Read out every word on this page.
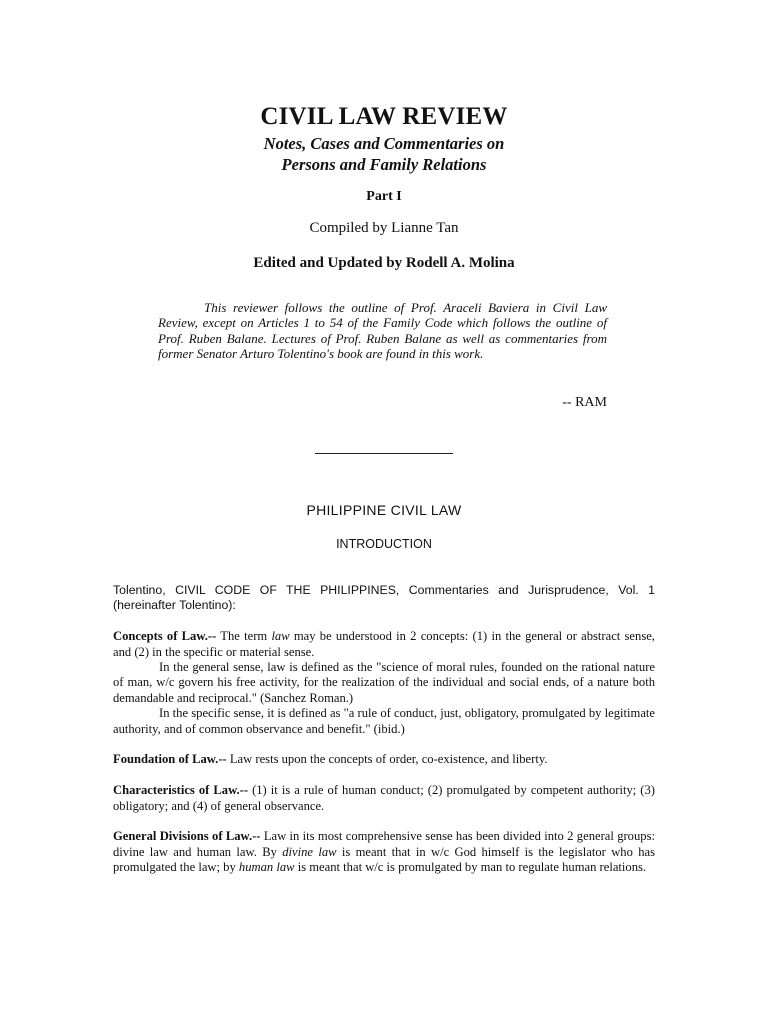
CIVIL LAW REVIEW
Notes, Cases and Commentaries on
Persons and Family Relations
Part I
Compiled by Lianne Tan
Edited and Updated by Rodell A. Molina
This reviewer follows the outline of Prof. Araceli Baviera in Civil Law Review, except on Articles 1 to 54 of the Family Code which follows the outline of Prof. Ruben Balane. Lectures of Prof. Ruben Balane as well as commentaries from former Senator Arturo Tolentino's book are found in this work.
-- RAM
PHILIPPINE CIVIL LAW
INTRODUCTION

Tolentino, CIVIL CODE OF THE PHILIPPINES, Commentaries and Jurisprudence, Vol. 1 (hereinafter Tolentino):

Concepts of Law.-- The term law may be understood in 2 concepts: (1) in the general or abstract sense, and (2) in the specific or material sense.

In the general sense, law is defined as the "science of moral rules, founded on the rational nature of man, w/c govern his free activity, for the realization of the individual and social ends, of a nature both demandable and reciprocal." (Sanchez Roman.)

In the specific sense, it is defined as "a rule of conduct, just, obligatory, promulgated by legitimate authority, and of common observance and benefit." (ibid.)

Foundation of Law.-- Law rests upon the concepts of order, co-existence, and liberty.

Characteristics of Law.-- (1) it is a rule of human conduct; (2) promulgated by competent authority; (3) obligatory; and (4) of general observance.

General Divisions of Law.-- Law in its most comprehensive sense has been divided into 2 general groups: divine law and human law. By divine law is meant that in w/c God himself is the legislator who has promulgated the law; by human law is meant that w/c is promulgated by man to regulate human relations.
